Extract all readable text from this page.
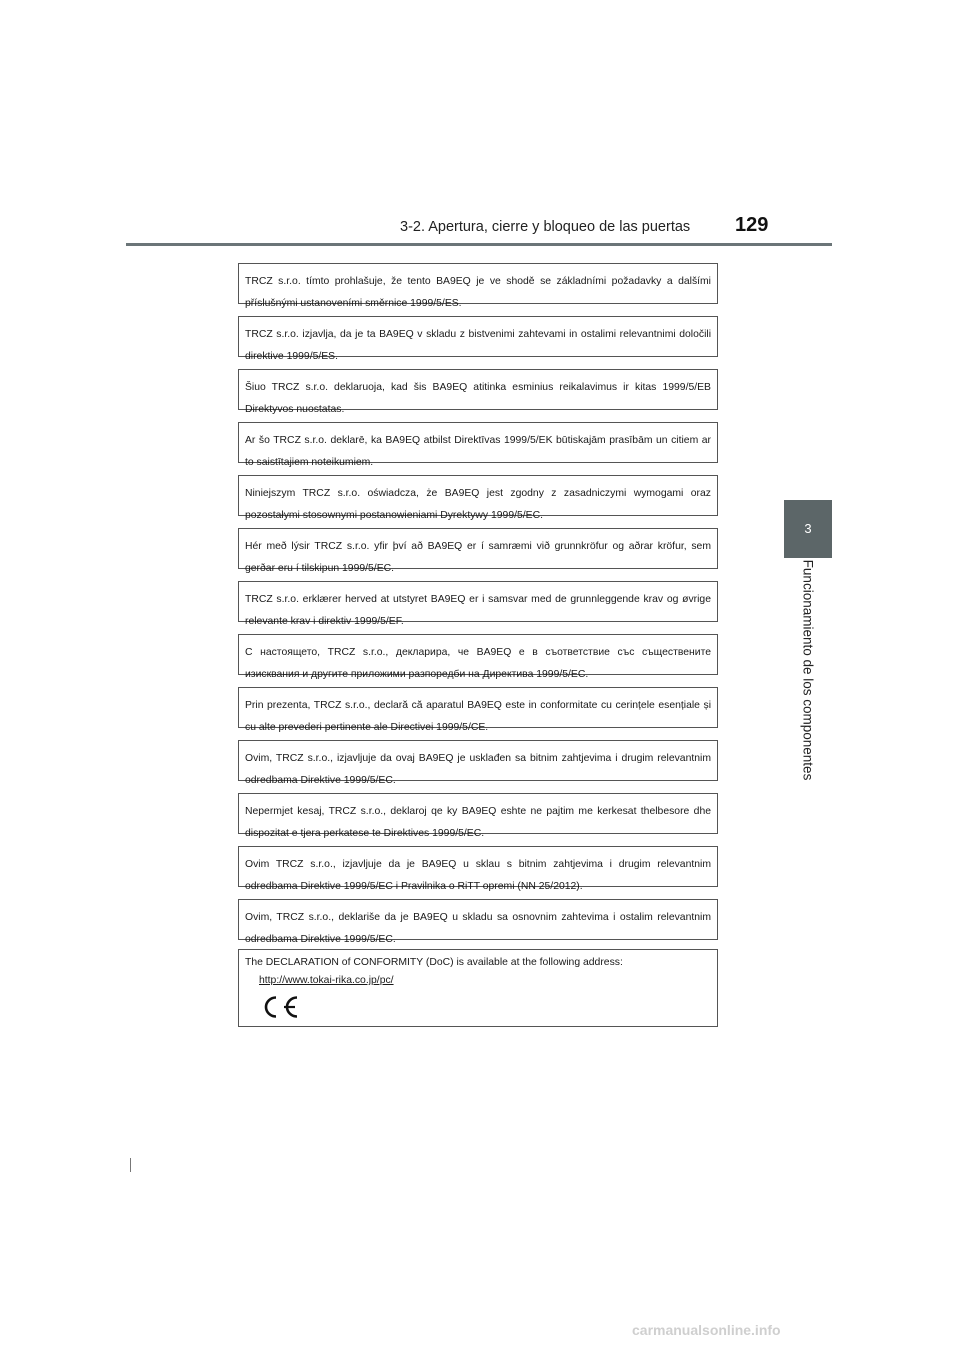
3-2. Apertura, cierre y bloqueo de las puertas 129
3
Funcionamiento de los componentes

TRCZ s.r.o. tímto prohlašuje, že tento BA9EQ je ve shodě se základními požadavky a dalšími příslušnými ustanoveními směrnice 1999/5/ES.

TRCZ s.r.o. izjavlja, da je ta BA9EQ v skladu z bistvenimi zahtevami in ostalimi relevantnimi določili direktive 1999/5/ES.

Šiuo TRCZ s.r.o. deklaruoja, kad šis BA9EQ atitinka esminius reikalavimus ir kitas 1999/5/EB Direktyvos nuostatas.

Ar šo TRCZ s.r.o. deklarē, ka BA9EQ atbilst Direktīvas 1999/5/EK būtiskajām prasībām un citiem ar to saistītajiem noteikumiem.

Niniejszym TRCZ s.r.o. oświadcza, że BA9EQ jest zgodny z zasadniczymi wymogami oraz pozostałymi stosownymi postanowieniami Dyrektywy 1999/5/EC.

Hér með lýsir TRCZ s.r.o. yfir því að BA9EQ er í samræmi við grunnkröfur og aðrar kröfur, sem gerðar eru í tilskipun 1999/5/EC.

TRCZ s.r.o. erklærer herved at utstyret BA9EQ er i samsvar med de grunnleggende krav og øvrige relevante krav i direktiv 1999/5/EF.

С настоящето, TRCZ s.r.o., декларира, че BA9EQ е в съответствие със съществените изисквания и другите приложими разпоредби на Директива 1999/5/EC.

Prin prezenta, TRCZ s.r.o., declară că aparatul BA9EQ este in conformitate cu cerințele esențiale și cu alte prevederi pertinente ale Directivei 1999/5/CE.

Ovim, TRCZ s.r.o., izjavljuje da ovaj BA9EQ je usklađen sa bitnim zahtjevima i drugim relevantnim odredbama Direktive 1999/5/EC.

Nepermjet kesaj, TRCZ s.r.o., deklaroj qe ky BA9EQ eshte ne pajtim me kerkesat thelbesore dhe dispozitat e tjera perkatese te Direktives 1999/5/EC.

Ovim TRCZ s.r.o., izjavljuje da je BA9EQ u sklau s bitnim zahtjevima i drugim relevantnim odredbama Direktive 1999/5/EC i Pravilnika o RiTT opremi (NN 25/2012).

Ovim, TRCZ s.r.o., deklariše da je BA9EQ u skladu sa osnovnim zahtevima i ostalim relevantnim odredbama Direktive 1999/5/EC.

The DECLARATION of CONFORMITY (DoC) is available at the following address:
http://www.tokai-rika.co.jp/pc/
carmanualsonline.info
